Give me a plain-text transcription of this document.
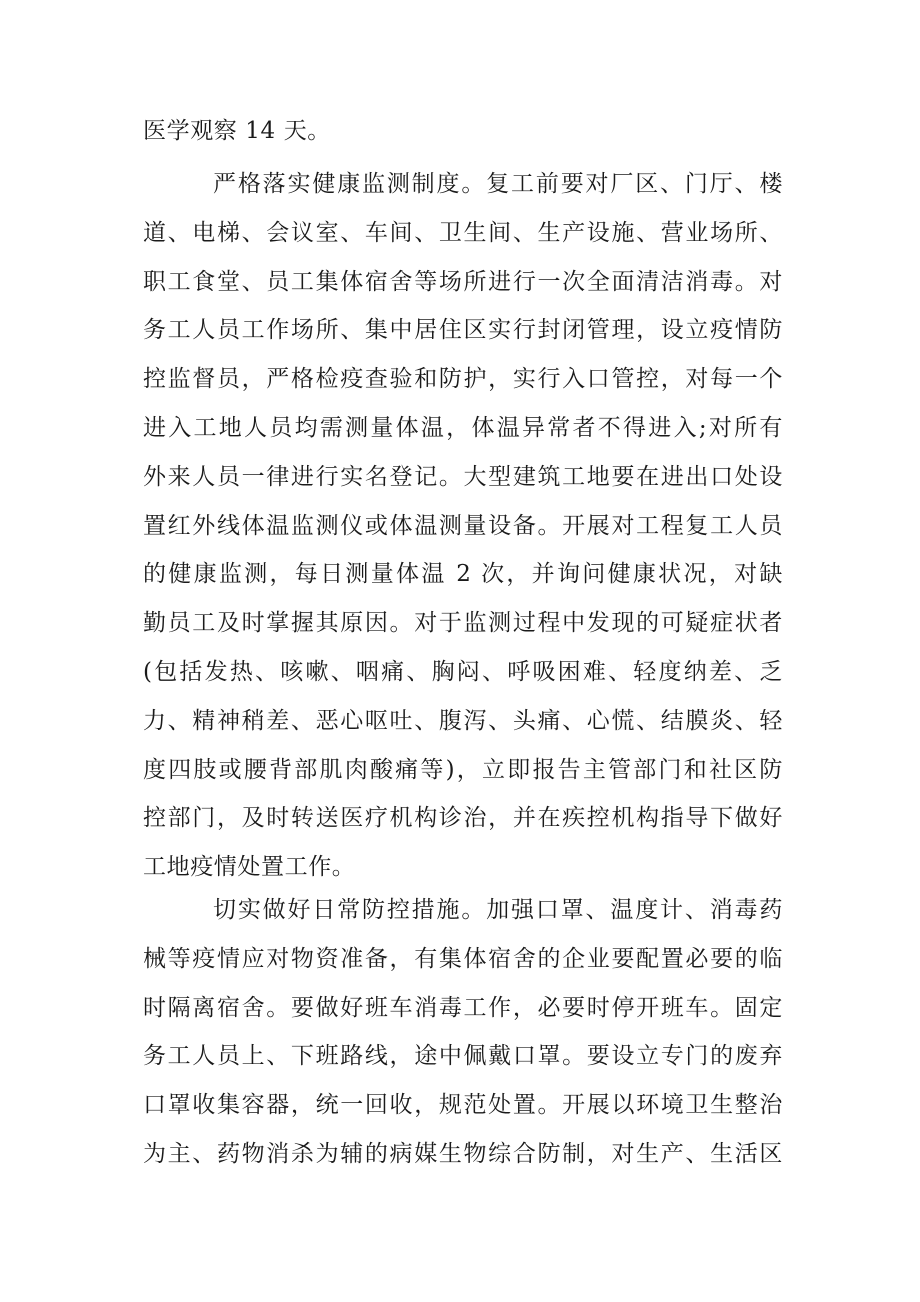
医学观察 14 天。
严格落实健康监测制度。复工前要对厂区、门厅、楼
道、电梯、会议室、车间、卫生间、生产设施、营业场所、
职工食堂、员工集体宿舍等场所进行一次全面清洁消毒。对
务工人员工作场所、集中居住区实行封闭管理，设立疫情防
控监督员，严格检疫查验和防护，实行入口管控，对每一个
进入工地人员均需测量体温，体温异常者不得进入;对所有
外来人员一律进行实名登记。大型建筑工地要在进出口处设
置红外线体温监测仪或体温测量设备。开展对工程复工人员
的健康监测，每日测量体温 2 次，并询问健康状况，对缺
勤员工及时掌握其原因。对于监测过程中发现的可疑症状者
(包括发热、咳嗽、咽痛、胸闷、呼吸困难、轻度纳差、乏
力、精神稍差、恶心呕吐、腹泻、头痛、心慌、结膜炎、轻
度四肢或腰背部肌肉酸痛等)，立即报告主管部门和社区防
控部门，及时转送医疗机构诊治，并在疾控机构指导下做好
工地疫情处置工作。
切实做好日常防控措施。加强口罩、温度计、消毒药
械等疫情应对物资准备，有集体宿舍的企业要配置必要的临
时隔离宿舍。要做好班车消毒工作，必要时停开班车。固定
务工人员上、下班路线，途中佩戴口罩。要设立专门的废弃
口罩收集容器，统一回收，规范处置。开展以环境卫生整治
为主、药物消杀为辅的病媒生物综合防制，对生产、生活区
